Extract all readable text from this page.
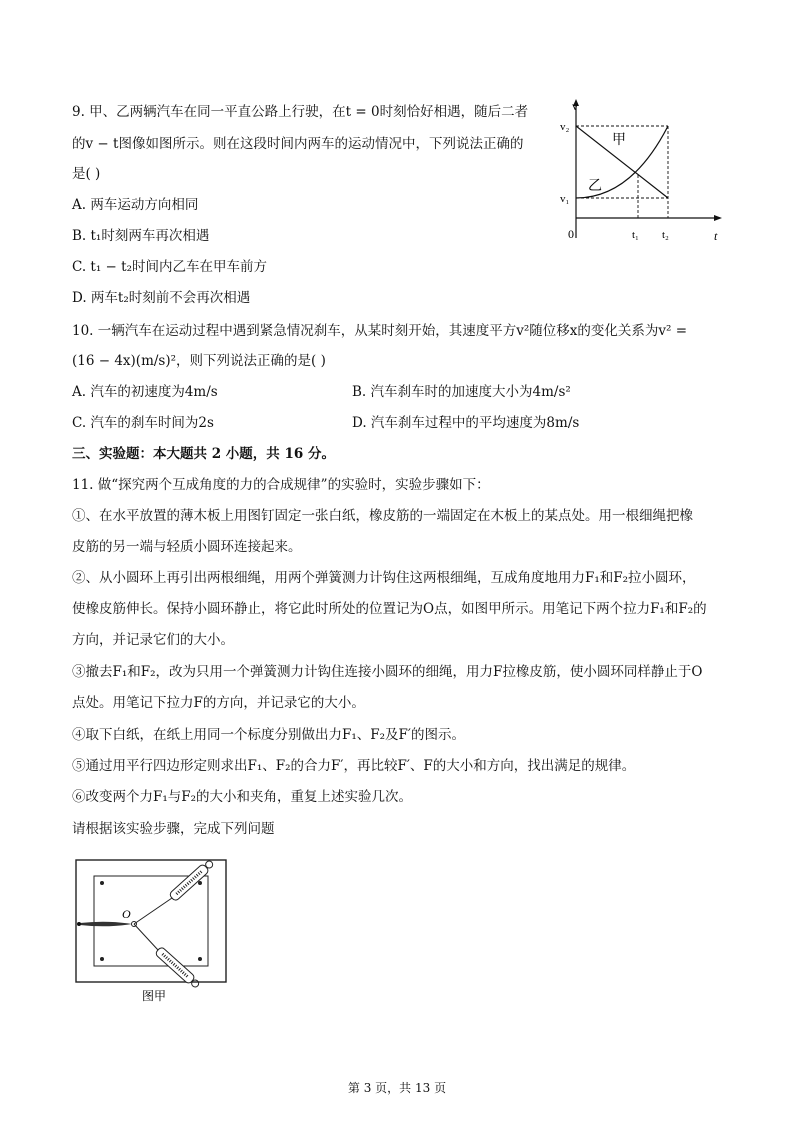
9. 甲、乙两辆汽车在同一平直公路上行驶，在t = 0时刻恰好相遇，随后二者
的v − t图像如图所示。则在这段时间内两车的运动情况中，下列说法正确的
是( )
A. 两车运动方向相同
B. t₁时刻两车再次相遇
C. t₁ − t₂时间内乙车在甲车前方
D. 两车t₂时刻前不会再次相遇
v
t
0
v₂
v₁
t₁ t₂
甲
乙
10. 一辆汽车在运动过程中遇到紧急情况刹车，从某时刻开始，其速度平方v²随位移x的变化关系为v² =
(16 − 4x)(m/s)²，则下列说法正确的是( )
A. 汽车的初速度为4m/s	B. 汽车刹车时的加速度大小为4m/s²
C. 汽车的刹车时间为2s	D. 汽车刹车过程中的平均速度为8m/s
三、实验题：本大题共 2 小题，共 16 分。
11. 做“探究两个互成角度的力的合成规律”的实验时，实验步骤如下：
①、在水平放置的薄木板上用图钉固定一张白纸，橡皮筋的一端固定在木板上的某点处。用一根细绳把橡
皮筋的另一端与轻质小圆环连接起来。
②、从小圆环上再引出两根细绳，用两个弹簧测力计钩住这两根细绳，互成角度地用力F₁和F₂拉小圆环，
使橡皮筋伸长。保持小圆环静止，将它此时所处的位置记为O点，如图甲所示。用笔记下两个拉力F₁和F₂的
方向，并记录它们的大小。
③撤去F₁和F₂，改为只用一个弹簧测力计钩住连接小圆环的细绳，用力F拉橡皮筋，使小圆环同样静止于O
点处。用笔记下拉力F的方向，并记录它的大小。
④取下白纸，在纸上用同一个标度分别做出力F₁、F₂及F′的图示。
⑤通过用平行四边形定则求出F₁、F₂的合力F′，再比较F′、F的大小和方向，找出满足的规律。
⑥改变两个力F₁与F₂的大小和夹角，重复上述实验几次。
请根据该实验步骤，完成下列问题
O
图甲
第 3 页，共 13 页
